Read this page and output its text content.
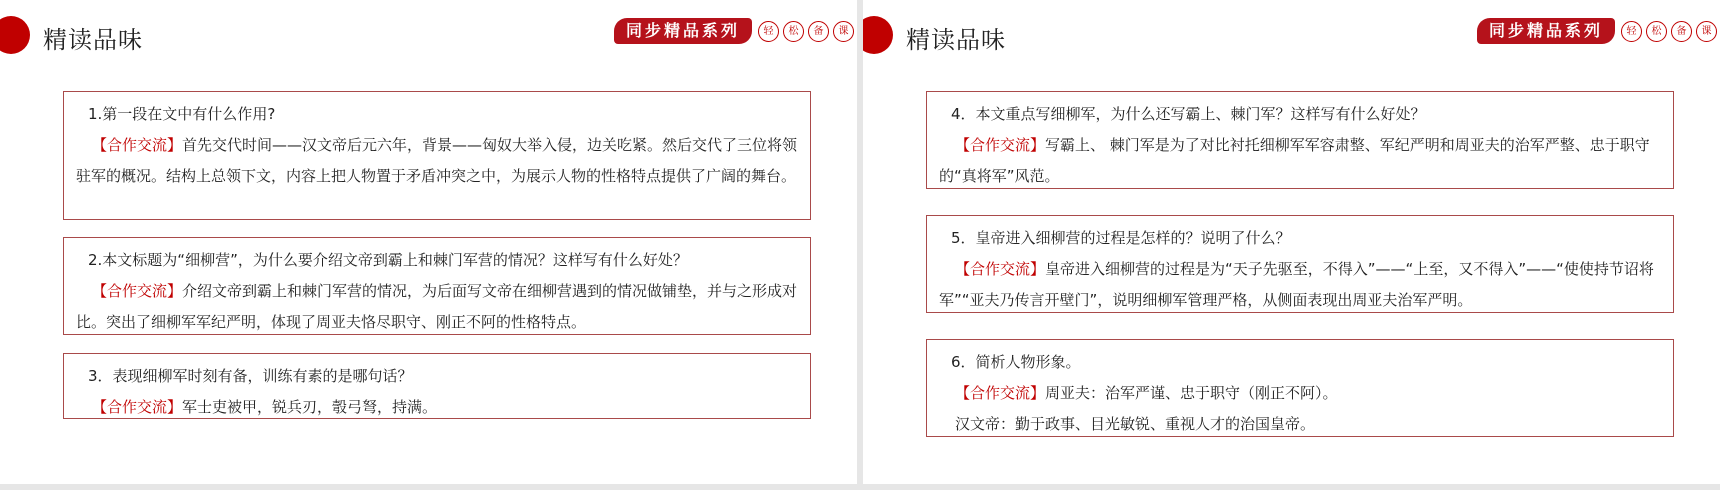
精读品味	同步精品系列	轻	松	备	课
1.第一段在文中有什么作用?
【合作交流】首先交代时间——汉文帝后元六年，背景——匈奴大举入侵，边关吃紧。然后交代了三位将领驻军的概况。结构上总领下文，内容上把人物置于矛盾冲突之中，为展示人物的性格特点提供了广阔的舞台。
2.本文标题为“细柳营”，为什么要介绍文帝到霸上和棘门军营的情况？这样写有什么好处？
【合作交流】介绍文帝到霸上和棘门军营的情况，为后面写文帝在细柳营遇到的情况做铺垫，并与之形成对比。突出了细柳军军纪严明，体现了周亚夫恪尽职守、刚正不阿的性格特点。
3．表现细柳军时刻有备，训练有素的是哪句话？
【合作交流】军士吏被甲，锐兵刃，彀弓弩，持满。
精读品味	同步精品系列	轻	松	备	课
4．本文重点写细柳军，为什么还写霸上、棘门军？这样写有什么好处？
【合作交流】写霸上、 棘门军是为了对比衬托细柳军军容肃整、军纪严明和周亚夫的治军严整、忠于职守的“真将军”风范。
5．皇帝进入细柳营的过程是怎样的？说明了什么？
【合作交流】皇帝进入细柳营的过程是为“天子先驱至，不得入”——“上至，又不得入”——“使使持节诏将军”“亚夫乃传言开壁门”，说明细柳军管理严格，从侧面表现出周亚夫治军严明。
6．简析人物形象。
【合作交流】周亚夫：治军严谨、忠于职守（刚正不阿）。
汉文帝：勤于政事、目光敏锐、重视人才的治国皇帝。
